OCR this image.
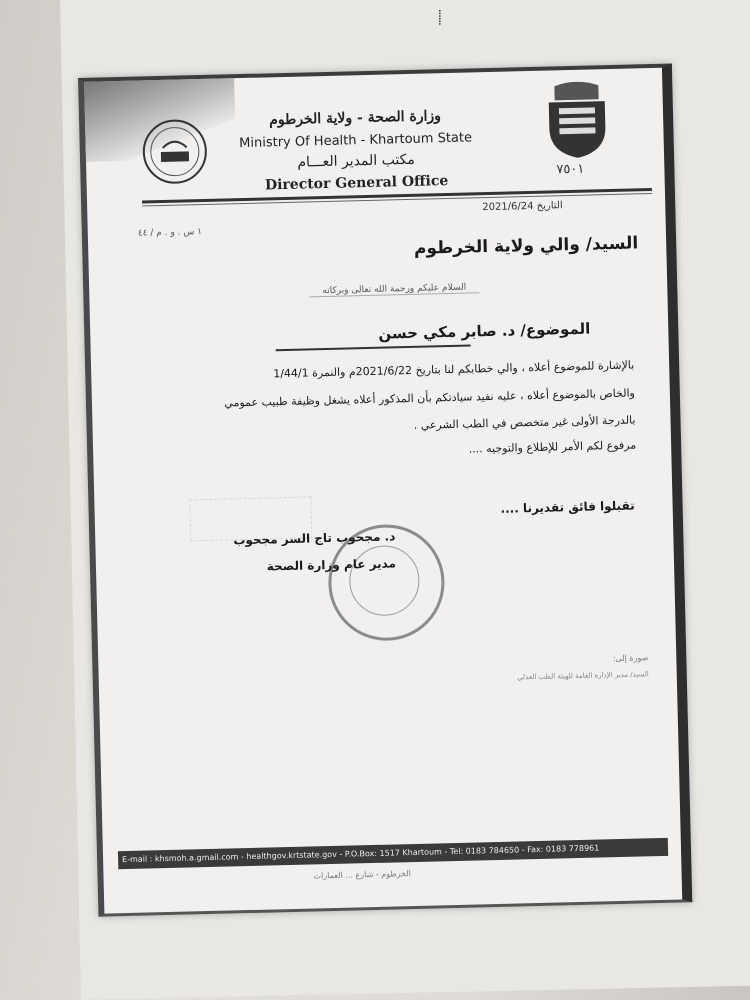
⸽
وزارة الصحة - ولاية الخرطوم
Ministry Of Health - Khartoum State
مكتب المدير العـــام
Director General Office
٧٥٠١
التاريخ 2021/6/24
١ س . و . م / ٤٤
السيد/ والي ولاية الخرطوم
السلام عليكم ورحمة الله تعالى وبركاته
الموضوع/ د. صابر مكي حسن
بالإشارة للموضوع أعلاه ، والي خطابكم لنا بتاريخ 2021/6/22م والنمرة 1/44/1
والخاص بالموضوع أعلاه ، عليه نفيد سيادتكم بأن المذكور أعلاه يشغل وظيفة طبيب عمومي
بالدرجة الأولى غير متخصص في الطب الشرعي .
مرفوع لكم الأمر للإطلاع والتوجيه ....
تقبلوا فائق تقديرنا ....
د. مجحوب تاج السر مجحوب
مدير عام وزارة الصحة
صورة إلى:
السيد/ مدير الإدارة العامة للهيئة الطب العدلي
E-mail : khsmoh.a.gmail.com - healthgov.krtstate.gov - P.O.Box: 1517 Khartoum - Tel: 0183 784650 - Fax: 0183 778961
الخرطوم - شارع ... العمارات
